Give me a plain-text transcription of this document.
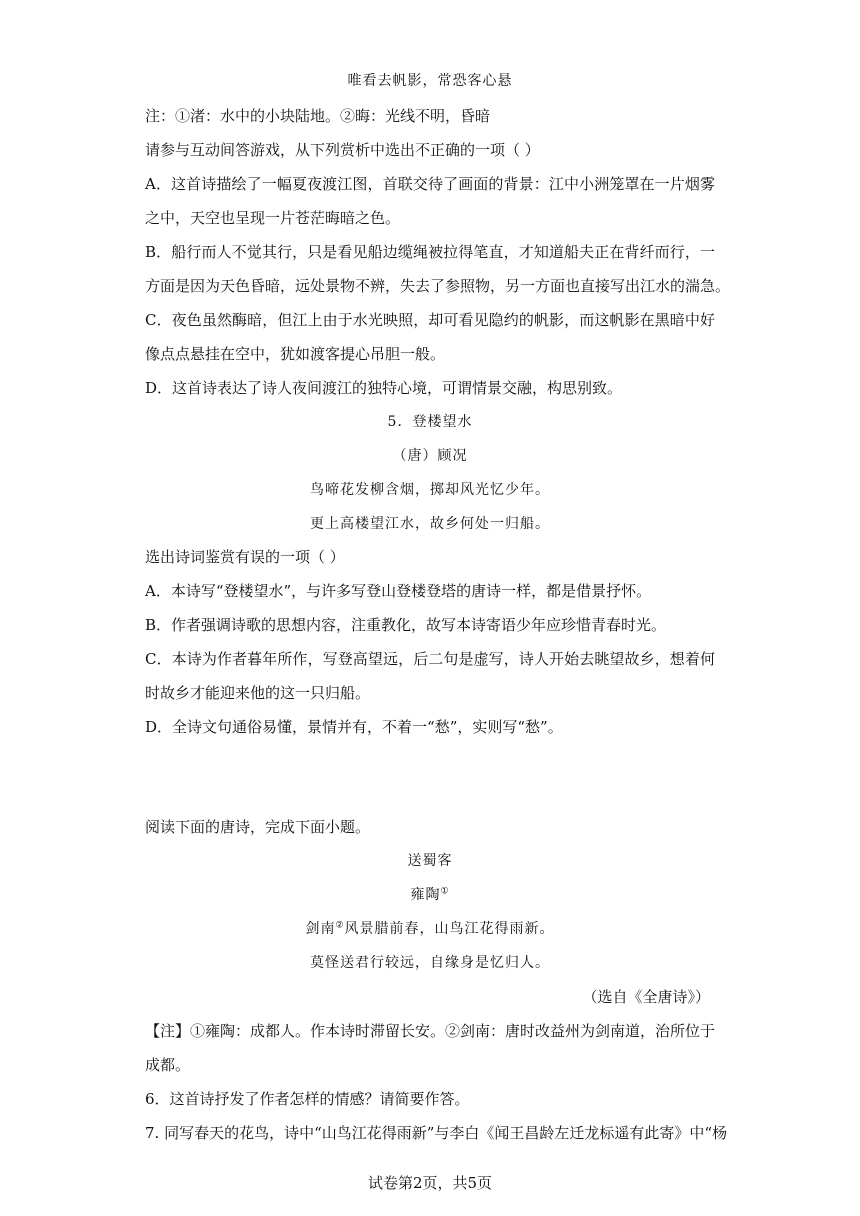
唯看去帆影，常恐客心悬
注：①渚：水中的小块陆地。②晦：光线不明，昏暗
请参与互动间答游戏，从下列赏析中选出不正确的一项（ ）
A．这首诗描绘了一幅夏夜渡江图，首联交待了画面的背景：江中小洲笼罩在一片烟雾
之中，天空也呈现一片苍茫晦暗之色。
B．船行而人不觉其行，只是看见船边缆绳被拉得笔直，才知道船夫正在背纤而行，一
方面是因为天色昏暗，远处景物不辨，失去了参照物，另一方面也直接写出江水的湍急。
C．夜色虽然酶暗，但江上由于水光映照，却可看见隐约的帆影，而这帆影在黑暗中好
像点点悬挂在空中，犹如渡客提心吊胆一般。
D．这首诗表达了诗人夜间渡江的独特心境，可谓情景交融，构思别致。
5．登楼望水
（唐）顾况
鸟啼花发柳含烟，掷却风光忆少年。
更上高楼望江水，故乡何处一归船。
选出诗词鉴赏有误的一项（ ）
A．本诗写“登楼望水”，与许多写登山登楼登塔的唐诗一样，都是借景抒怀。
B．作者强调诗歌的思想内容，注重教化，故写本诗寄语少年应珍惜青春时光。
C．本诗为作者暮年所作，写登高望远，后二句是虚写，诗人开始去眺望故乡，想着何
时故乡才能迎来他的这一只归船。
D．全诗文句通俗易懂，景情并有，不着一“愁”，实则写“愁”。
阅读下面的唐诗，完成下面小题。
送蜀客
雍陶①
剑南②风景腊前春，山鸟江花得雨新。
莫怪送君行较远，自缘身是忆归人。
（选自《全唐诗》）
【注】①雍陶：成都人。作本诗时滞留长安。②剑南：唐时改益州为剑南道，治所位于
成都。
6．这首诗抒发了作者怎样的情感？请简要作答。
7. 同写春天的花鸟，诗中“山鸟江花得雨新”与李白《闻王昌龄左迁龙标遥有此寄》中“杨
试卷第2页，共5页
